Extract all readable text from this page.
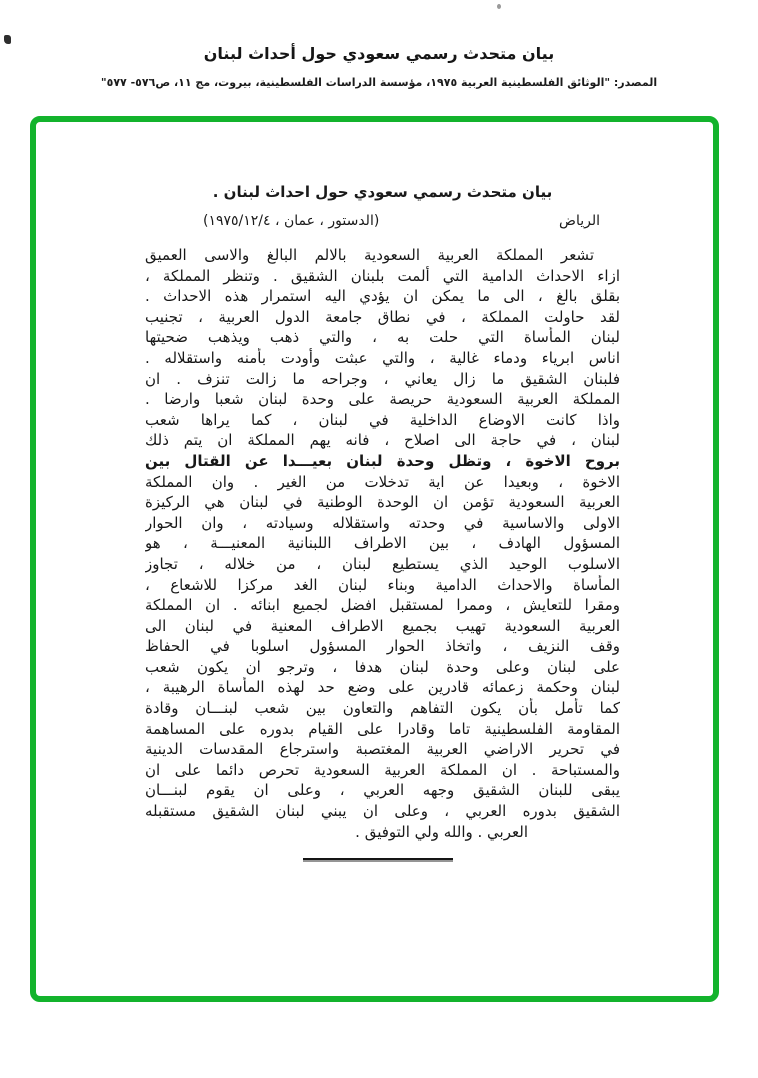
بيان متحدث رسمي سعودي حول أحداث لبنان
المصدر: "الوثائق الفلسطينية العربية ١٩٧٥، مؤسسة الدراسات الفلسطينية، بيروت، مج ١١، ص٥٧٦- ٥٧٧"
بيان متحدث رسمي سعودي حول احداث لبنان .
الرياض
(الدستور ، عمان ، ١٩٧٥/١٢/٤)
تشعر المملكة العربية السعودية بالالم البالغ والاسى العميق
ازاء الاحداث الدامية التي ألمت بلبنان الشقيق . وتنظر المملكة ،
بقلق بالغ ، الى ما يمكن ان يؤدي اليه استمرار هذه الاحداث .
لقد حاولت المملكة ، في نطاق جامعة الدول العربية ، تجنيب
لبنان المأساة التي حلت به ، والتي ذهب ويذهب ضحيتها
اناس ابرياء ودماء غالية ، والتي عبثت وأودت بأمنه واستقلاله .
فلبنان الشقيق ما زال يعاني ، وجراحه ما زالت تنزف . ان
المملكة العربية السعودية حريصة على وحدة لبنان شعبا وارضا .
واذا كانت الاوضاع الداخلية في لبنان ، كما يراها شعب
لبنان ، في حاجة الى اصلاح ، فانه يهم المملكة ان يتم ذلك
بروح الاخوة ، وتظل وحدة لبنان بعيـــدا عن القتال بين
الاخوة ، وبعيدا عن اية تدخلات من الغير . وان المملكة
العربية السعودية تؤمن ان الوحدة الوطنية في لبنان هي الركيزة
الاولى والاساسية في وحدته واستقلاله وسيادته ، وان الحوار
المسؤول الهادف ، بين الاطراف اللبنانية المعنيـــة ، هو
الاسلوب الوحيد الذي يستطيع لبنان ، من خلاله ، تجاوز
المأساة والاحداث الدامية وبناء لبنان الغد مركزا للاشعاع ،
ومقرا للتعايش ، وممرا لمستقبل افضل لجميع ابنائه . ان المملكة
العربية السعودية تهيب بجميع الاطراف المعنية في لبنان الى
وقف النزيف ، واتخاذ الحوار المسؤول اسلوبا في الحفاظ
على لبنان وعلى وحدة لبنان هدفا ، وترجو ان يكون شعب
لبنان وحكمة زعمائه قادرين على وضع حد لهذه المأساة الرهيبة ،
كما تأمل بأن يكون التفاهم والتعاون بين شعب لبنـــان وقادة
المقاومة الفلسطينية تاما وقادرا على القيام بدوره على المساهمة
في تحرير الاراضي العربية المغتصبة واسترجاع المقدسات الدينية
والمستباحة . ان المملكة العربية السعودية تحرص دائما على ان
يبقى للبنان الشقيق وجهه العربي ، وعلى ان يقوم لبنـــان
الشقيق بدوره العربي ، وعلى ان يبني لبنان الشقيق مستقبله
العربي . والله ولي التوفيق .
